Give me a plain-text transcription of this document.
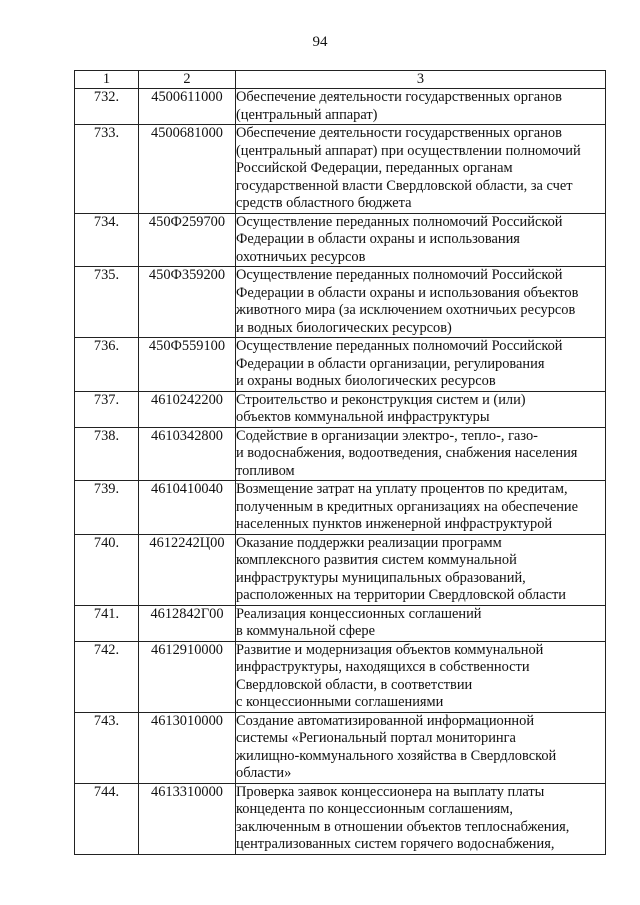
94
1	2	3
732.	4500611000	Обеспечение деятельности государственных органов
(центральный аппарат)

733.	4500681000	Обеспечение деятельности государственных органов
(центральный аппарат) при осуществлении полномочий
Российской Федерации, переданных органам
государственной власти Свердловской области, за счет
средств областного бюджета

734.	450Ф259700	Осуществление переданных полномочий Российской
Федерации в области охраны и использования
охотничьих ресурсов

735.	450Ф359200	Осуществление переданных полномочий Российской
Федерации в области охраны и использования объектов
животного мира (за исключением охотничьих ресурсов
и водных биологических ресурсов)

736.	450Ф559100	Осуществление переданных полномочий Российской
Федерации в области организации, регулирования
и охраны водных биологических ресурсов

737.	4610242200	Строительство и реконструкция систем и (или)
объектов коммунальной инфраструктуры

738.	4610342800	Содействие в организации электро-, тепло-, газо-
и водоснабжения, водоотведения, снабжения населения
топливом

739.	4610410040	Возмещение затрат на уплату процентов по кредитам,
полученным в кредитных организациях на обеспечение
населенных пунктов инженерной инфраструктурой

740.	4612242Ц00	Оказание поддержки реализации программ
комплексного развития систем коммунальной
инфраструктуры муниципальных образований,
расположенных на территории Свердловской области

741.	4612842Г00	Реализация концессионных соглашений
в коммунальной сфере

742.	4612910000	Развитие и модернизация объектов коммунальной
инфраструктуры, находящихся в собственности
Свердловской области, в соответствии
с концессионными соглашениями

743.	4613010000	Создание автоматизированной информационной
системы «Региональный портал мониторинга
жилищно-коммунального хозяйства в Свердловской
области»

744.	4613310000	Проверка заявок концессионера на выплату платы
концедента по концессионным соглашениям,
заключенным в отношении объектов теплоснабжения,
централизованных систем горячего водоснабжения,
